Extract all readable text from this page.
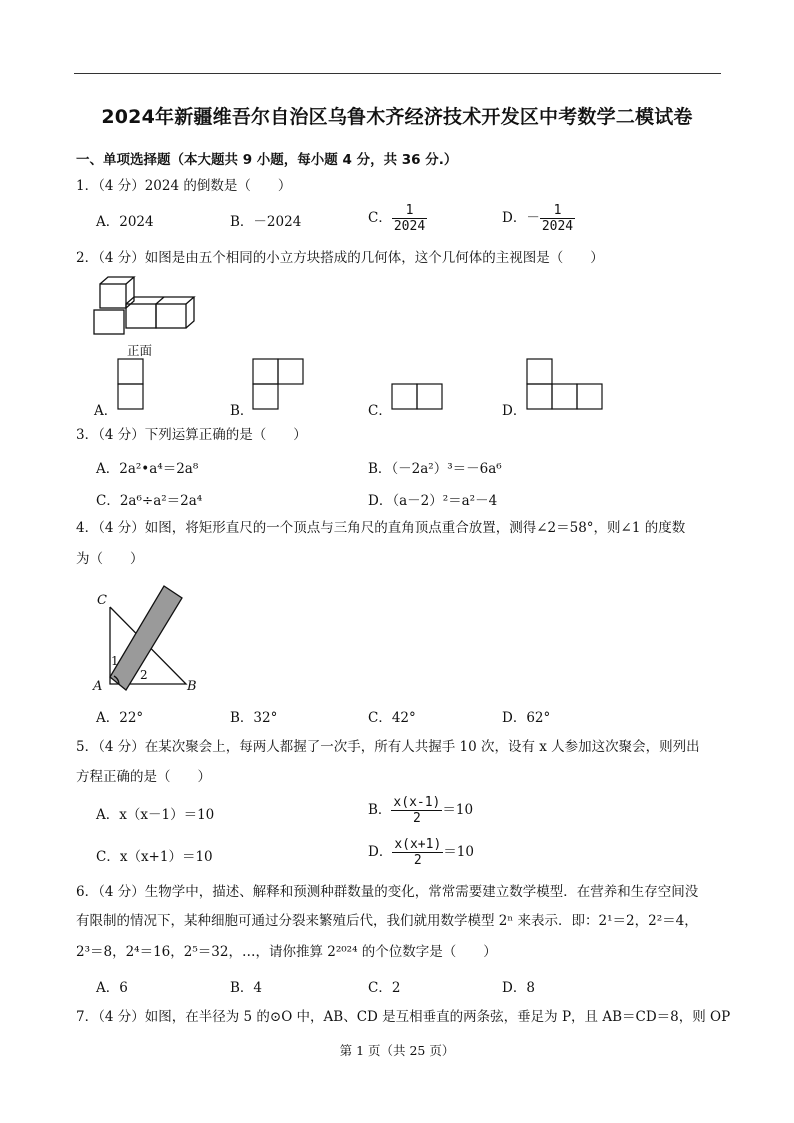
2024年新疆维吾尔自治区乌鲁木齐经济技术开发区中考数学二模试卷
一、单项选择题（本大题共 9 小题，每小题 4 分，共 36 分.）
1．（4 分）2024 的倒数是（　　）
A．2024	B．－2024	C． $\frac{1}{2024}$	D．－ $\frac{1}{2024}$
2．（4 分）如图是由五个相同的小立方块搭成的几何体，这个几何体的主视图是（　　）
正面
A．	B．	C．	D．
3．（4 分）下列运算正确的是（　　）
A．2a²•a⁴＝2a⁸	B．（－2a²）³＝－6a⁶
C．2a⁶÷a²＝2a⁴	D．（a－2）²＝a²－4
4．（4 分）如图，将矩形直尺的一个顶点与三角尺的直角顶点重合放置，测得∠2＝58°，则∠1 的度数
为（　　）
C
A	B
1
2
A．22°	B．32°	C．42°	D．62°
5．（4 分）在某次聚会上，每两人都握了一次手，所有人共握手 10 次，设有 x 人参加这次聚会，则列出
方程正确的是（　　）
A．x（x－1）＝10	B． $\frac{x(x-1)}{2} =10$
C．x（x+1）＝10	D． $\frac{x(x+1)}{2} =10$
6．（4 分）生物学中，描述、解释和预测种群数量的变化，常常需要建立数学模型．在营养和生存空间没
有限制的情况下，某种细胞可通过分裂来繁殖后代，我们就用数学模型 2ⁿ 来表示．即：2¹＝2，2²＝4，
2³＝8，2⁴＝16，2⁵＝32，…，请你推算 2²⁰²⁴ 的个位数字是（　　）
A．6	B．4	C．2	D．8
7．（4 分）如图，在半径为 5 的⊙O 中，AB、CD 是互相垂直的两条弦，垂足为 P，且 AB＝CD＝8，则 OP
第 1 页（共 25 页）
